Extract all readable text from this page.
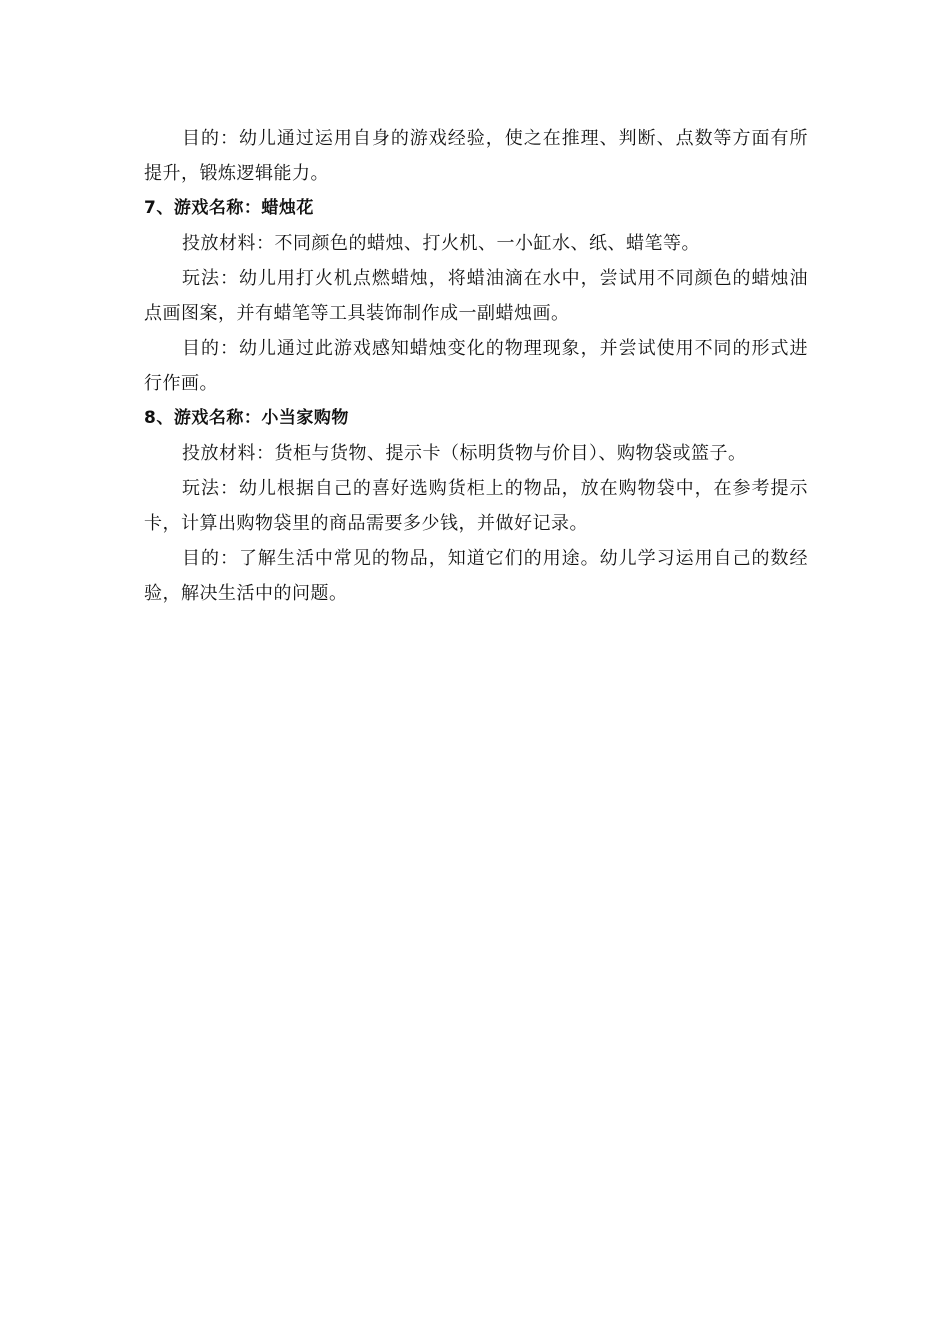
目的：幼儿通过运用自身的游戏经验，使之在推理、判断、点数等方面有所提升，锻炼逻辑能力。

7、游戏名称：蜡烛花

投放材料：不同颜色的蜡烛、打火机、一小缸水、纸、蜡笔等。

玩法：幼儿用打火机点燃蜡烛，将蜡油滴在水中，尝试用不同颜色的蜡烛油点画图案，并有蜡笔等工具装饰制作成一副蜡烛画。

目的：幼儿通过此游戏感知蜡烛变化的物理现象，并尝试使用不同的形式进行作画。

8、游戏名称：小当家购物

投放材料：货柜与货物、提示卡（标明货物与价目）、购物袋或篮子。

玩法：幼儿根据自己的喜好选购货柜上的物品，放在购物袋中，在参考提示卡，计算出购物袋里的商品需要多少钱，并做好记录。

目的：了解生活中常见的物品，知道它们的用途。幼儿学习运用自己的数经验，解决生活中的问题。
